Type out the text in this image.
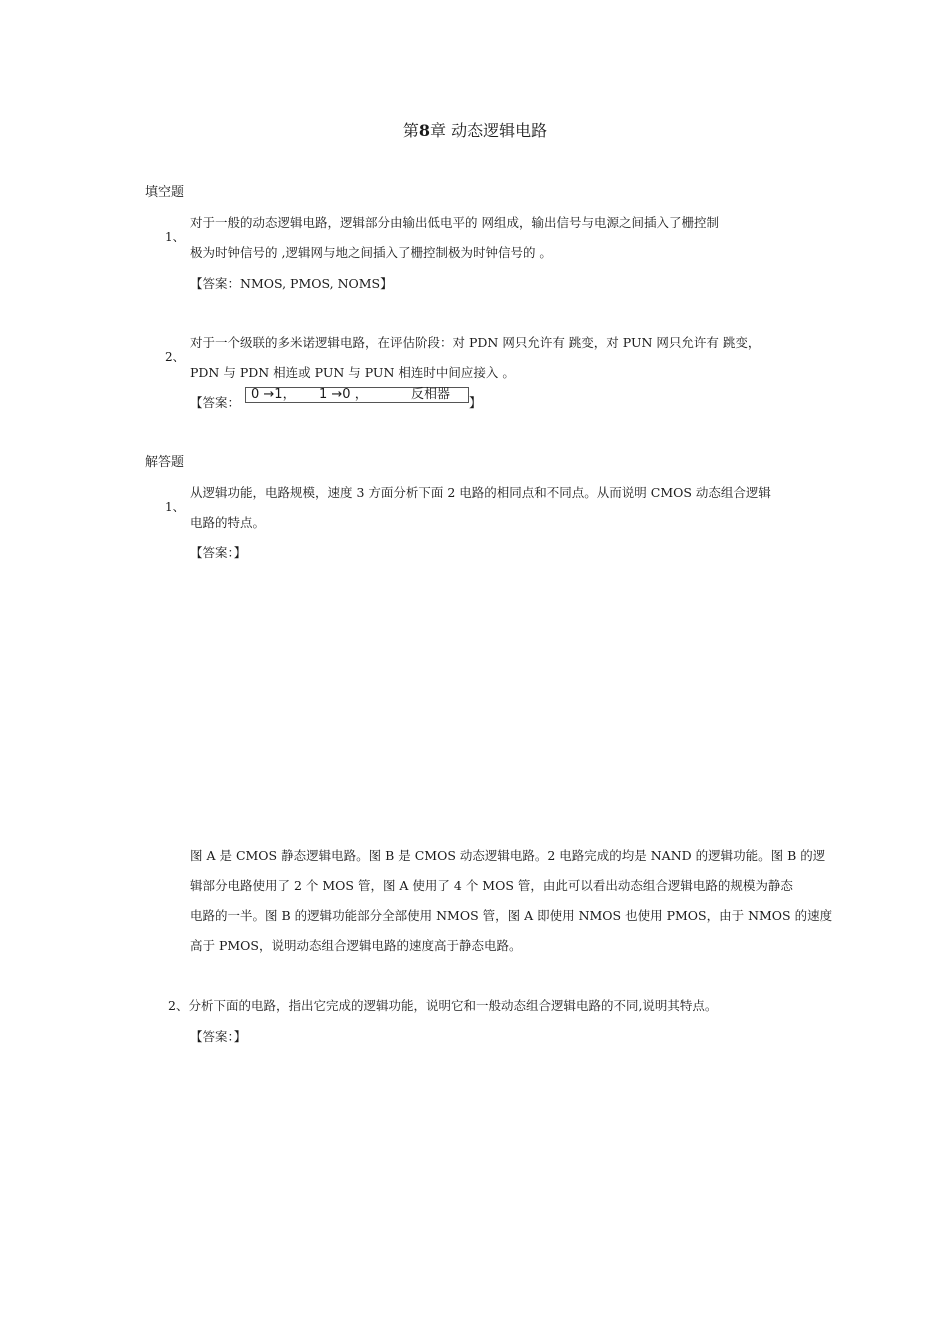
第8章 动态逻辑电路
填空题
对于一般的动态逻辑电路，逻辑部分由输出低电平的 网组成，输出信号与电源之间插入了栅控制
1、
极为时钟信号的 ,逻辑网与地之间插入了栅控制极为时钟信号的 。
【答案：NMOS, PMOS, NOMS】
对于一个级联的多米诺逻辑电路，在评估阶段：对 PDN 网只允许有 跳变，对 PUN 网只允许有 跳变，
2、
PDN 与 PDN 相连或 PUN 与 PUN 相连时中间应接入 。
【答案：
0 →1， 1 →0 ，	反相器
】
解答题
从逻辑功能，电路规模，速度 3 方面分析下面 2 电路的相同点和不同点。从而说明 CMOS 动态组合逻辑
1、
电路的特点。
【答案：】
图 A 是 CMOS 静态逻辑电路。图 B 是 CMOS 动态逻辑电路。2 电路完成的均是 NAND 的逻辑功能。图 B 的逻
辑部分电路使用了 2 个 MOS 管，图 A 使用了 4 个 MOS 管，由此可以看出动态组合逻辑电路的规模为静态
电路的一半。图 B 的逻辑功能部分全部使用 NMOS 管，图 A 即使用 NMOS 也使用 PMOS，由于 NMOS 的速度
高于 PMOS，说明动态组合逻辑电路的速度高于静态电路。
2、分析下面的电路，指出它完成的逻辑功能，说明它和一般动态组合逻辑电路的不同,说明其特点。
【答案：】
